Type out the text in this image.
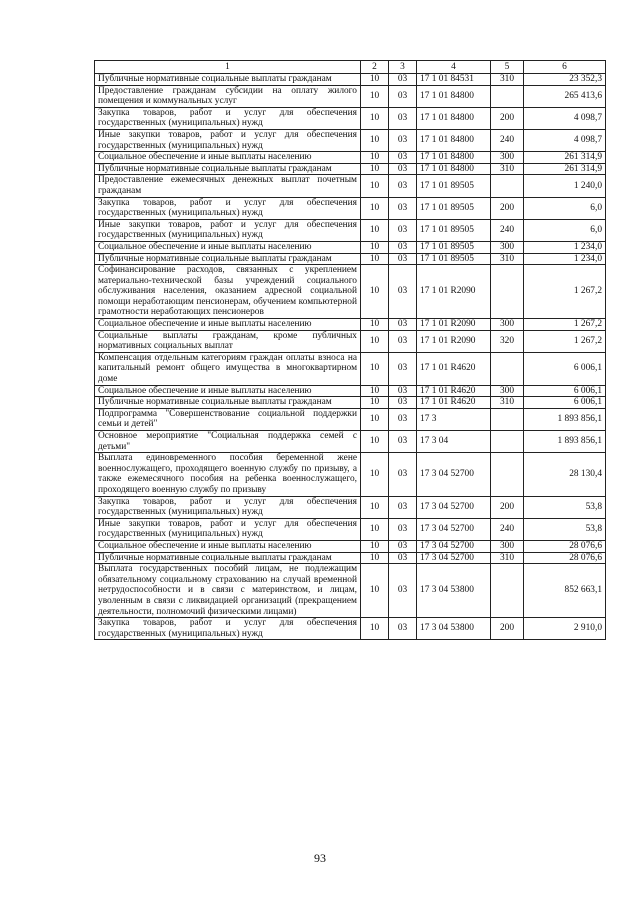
1	2	3	4	5	6
Публичные нормативные социальные выплаты гражданам	10	03	17 1 01 84531	310	23 352,3
Предоставление гражданам субсидии на оплату жилого помещения и коммунальных услуг	10	03	17 1 01 84800		265 413,6
Закупка товаров, работ и услуг для обеспечения государственных (муниципальных) нужд	10	03	17 1 01 84800	200	4 098,7
Иные закупки товаров, работ и услуг для обеспечения государственных (муниципальных) нужд	10	03	17 1 01 84800	240	4 098,7
Социальное обеспечение и иные выплаты населению	10	03	17 1 01 84800	300	261 314,9
Публичные нормативные социальные выплаты гражданам	10	03	17 1 01 84800	310	261 314,9
Предоставление ежемесячных денежных выплат почетным гражданам	10	03	17 1 01 89505		1 240,0
Закупка товаров, работ и услуг для обеспечения государственных (муниципальных) нужд	10	03	17 1 01 89505	200	6,0
Иные закупки товаров, работ и услуг для обеспечения государственных (муниципальных) нужд	10	03	17 1 01 89505	240	6,0
Социальное обеспечение и иные выплаты населению	10	03	17 1 01 89505	300	1 234,0
Публичные нормативные социальные выплаты гражданам	10	03	17 1 01 89505	310	1 234,0
Софинансирование расходов, связанных с укреплением материально-технической базы учреждений социального обслуживания населения, оказанием адресной социальной помощи неработающим пенсионерам, обучением компьютерной грамотности неработающих пенсионеров	10	03	17 1 01 R2090		1 267,2
Социальное обеспечение и иные выплаты населению	10	03	17 1 01 R2090	300	1 267,2
Социальные выплаты гражданам, кроме публичных нормативных социальных выплат	10	03	17 1 01 R2090	320	1 267,2
Компенсация отдельным категориям граждан оплаты взноса на капитальный ремонт общего имущества в многоквартирном доме	10	03	17 1 01 R4620		6 006,1
Социальное обеспечение и иные выплаты населению	10	03	17 1 01 R4620	300	6 006,1
Публичные нормативные социальные выплаты гражданам	10	03	17 1 01 R4620	310	6 006,1
Подпрограмма "Совершенствование социальной поддержки семьи и детей"	10	03	17 3		1 893 856,1
Основное мероприятие "Социальная поддержка семей с детьми"	10	03	17 3 04		1 893 856,1
Выплата единовременного пособия беременной жене военнослужащего, проходящего военную службу по призыву, а также ежемесячного пособия на ребенка военнослужащего, проходящего военную службу по призыву	10	03	17 3 04 52700		28 130,4
Закупка товаров, работ и услуг для обеспечения государственных (муниципальных) нужд	10	03	17 3 04 52700	200	53,8
Иные закупки товаров, работ и услуг для обеспечения государственных (муниципальных) нужд	10	03	17 3 04 52700	240	53,8
Социальное обеспечение и иные выплаты населению	10	03	17 3 04 52700	300	28 076,6
Публичные нормативные социальные выплаты гражданам	10	03	17 3 04 52700	310	28 076,6
Выплата государственных пособий лицам, не подлежащим обязательному социальному страхованию на случай временной нетрудоспособности и в связи с материнством, и лицам, уволенным в связи с ликвидацией организаций (прекращением деятельности, полномочий физическими лицами)	10	03	17 3 04 53800		852 663,1
Закупка товаров, работ и услуг для обеспечения государственных (муниципальных) нужд	10	03	17 3 04 53800	200	2 910,0
93
